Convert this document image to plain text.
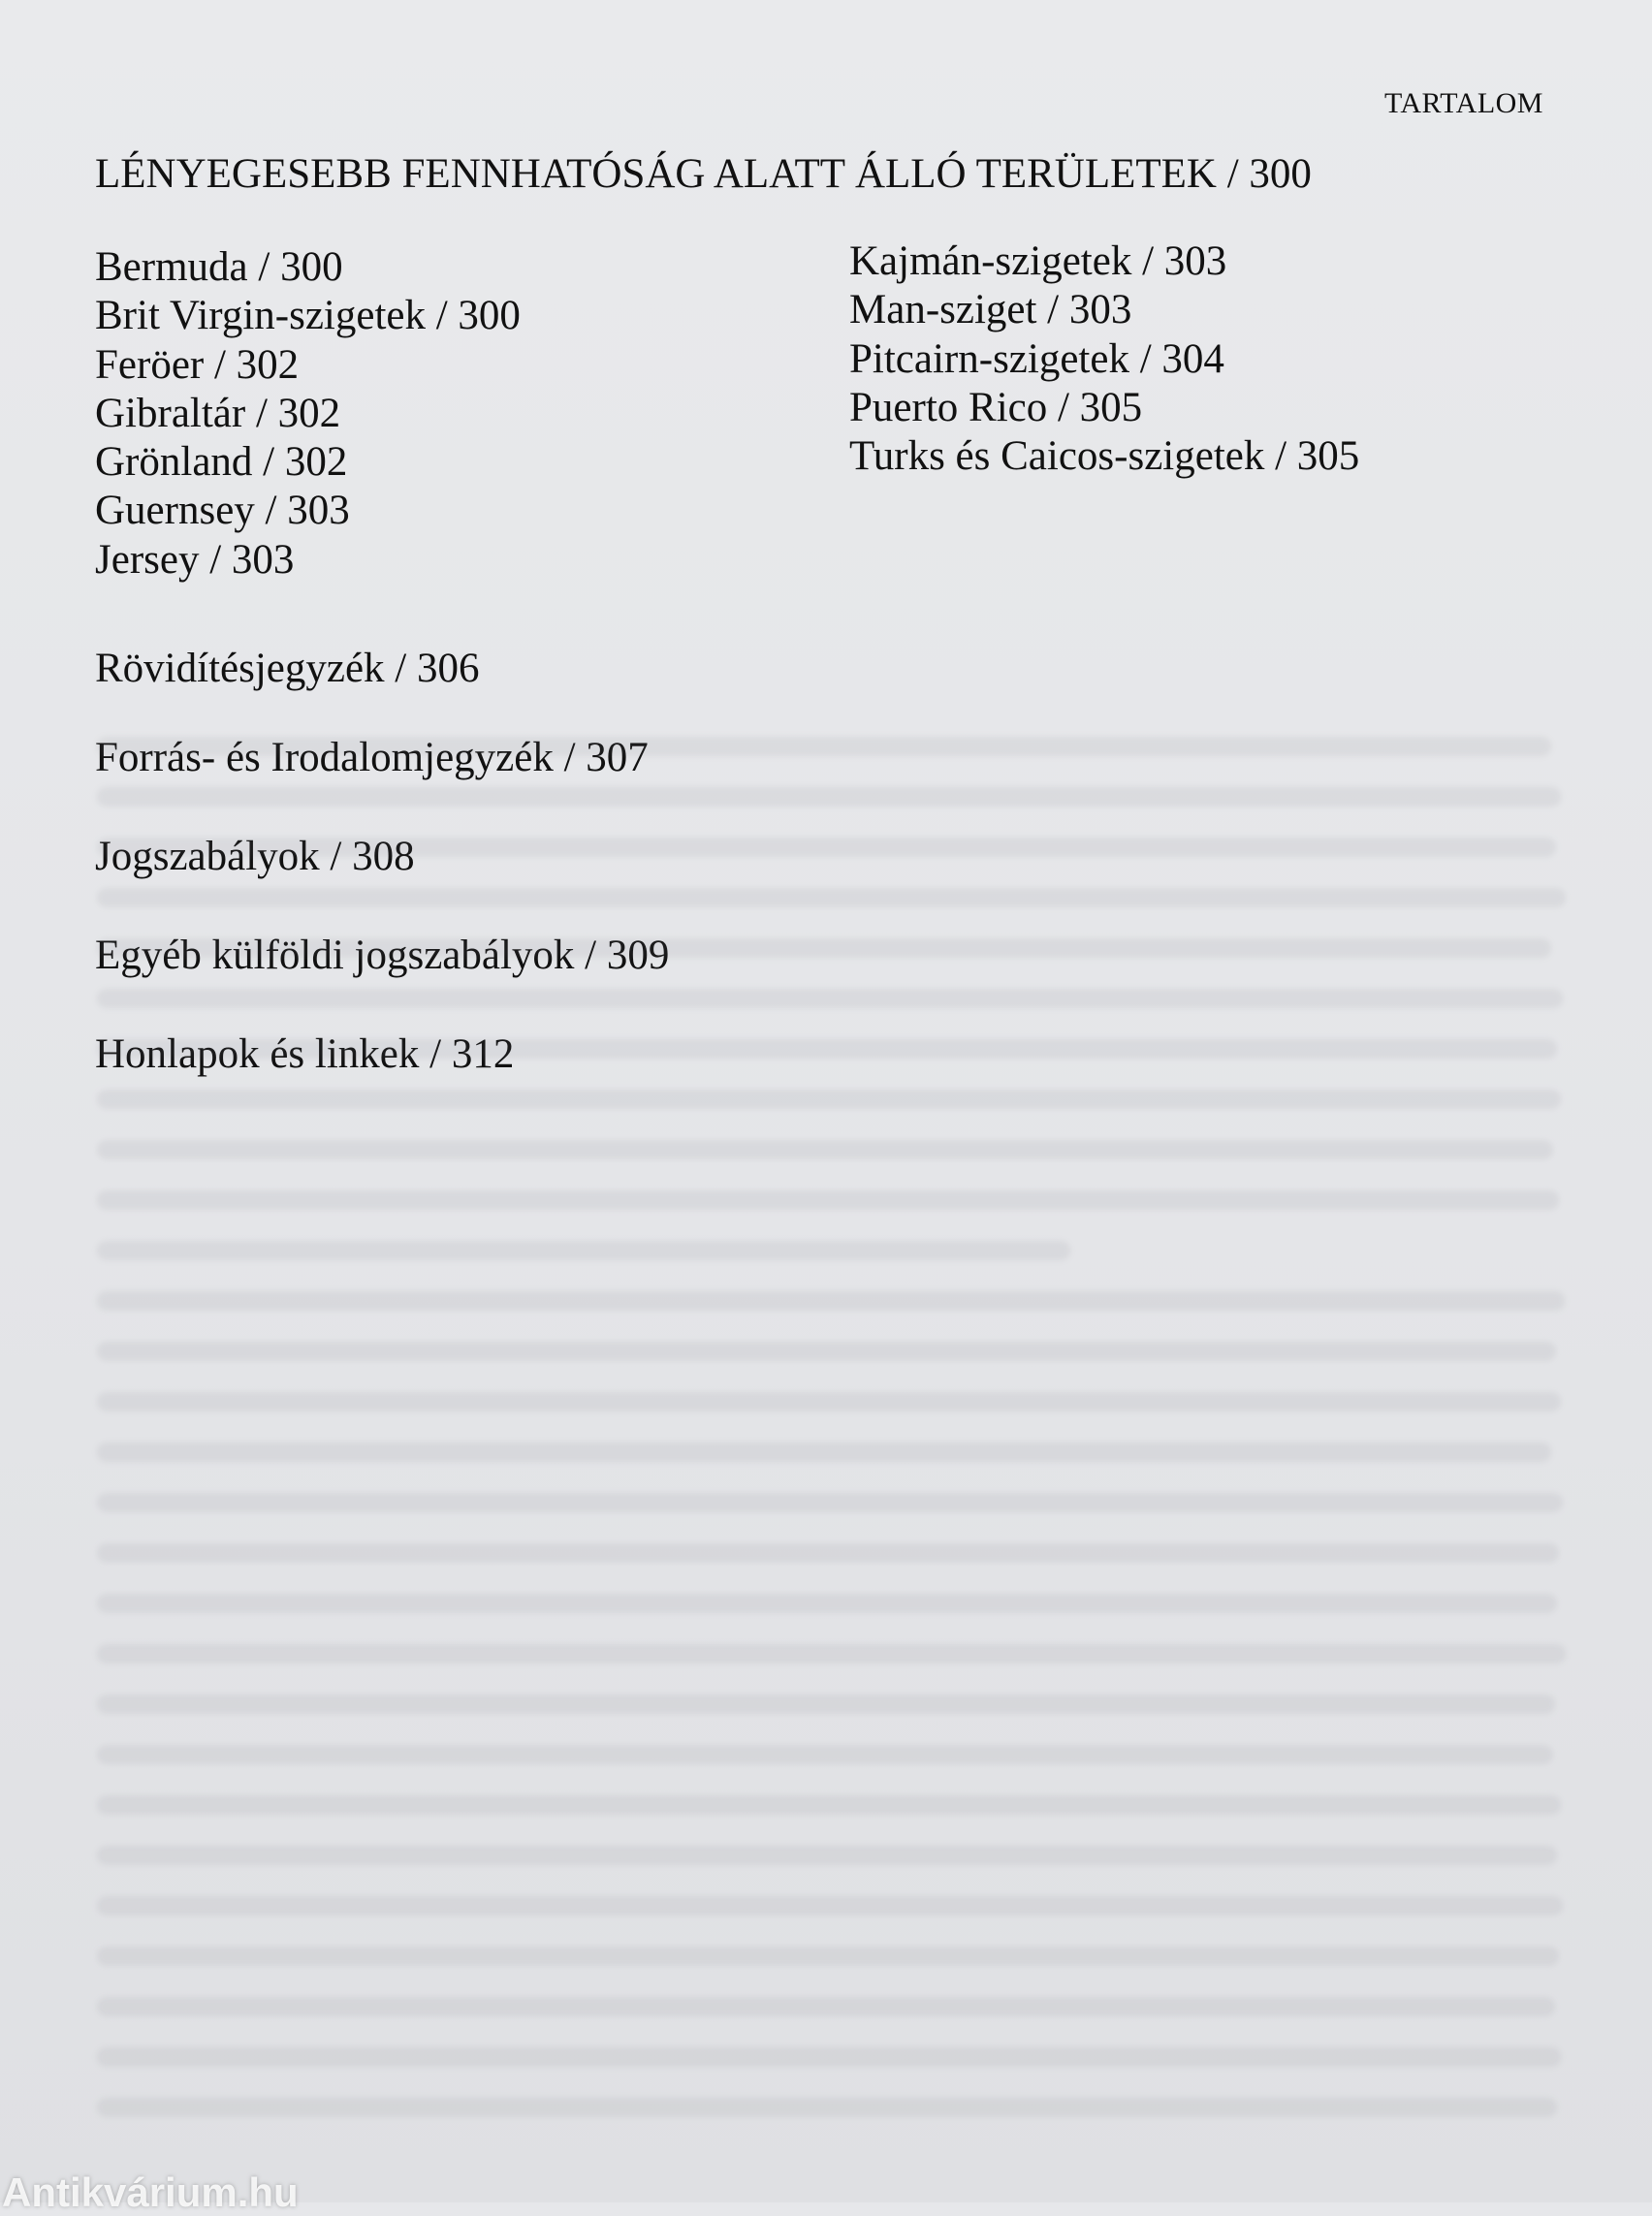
TARTALOM
LÉNYEGESEBB FENNHATÓSÁG ALATT ÁLLÓ TERÜLETEK / 300
Bermuda / 300
Brit Virgin-szigetek / 300
Feröer / 302
Gibraltár / 302
Grönland / 302
Guernsey / 303
Jersey / 303
Kajmán-szigetek / 303
Man-sziget / 303
Pitcairn-szigetek / 304
Puerto Rico / 305
Turks és Caicos-szigetek / 305
Rövidítésjegyzék / 306
Forrás- és Irodalomjegyzék / 307
Jogszabályok / 308
Egyéb külföldi jogszabályok / 309
Honlapok és linkek / 312
Antikvárium.hu
